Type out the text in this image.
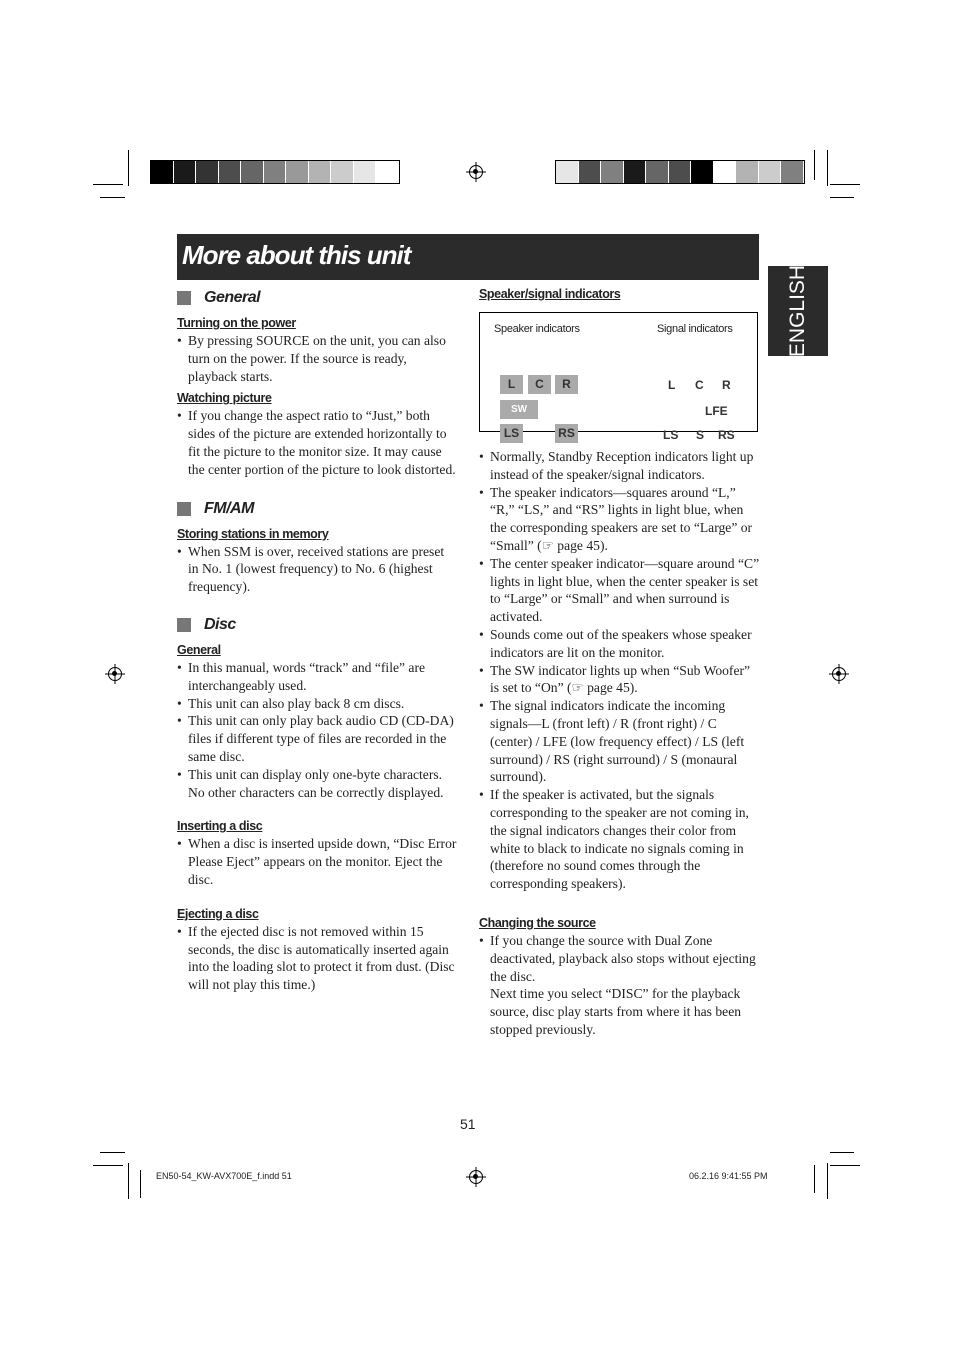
More about this unit
ENGLISH
General

Turning on the power

• By pressing SOURCE on the unit, you can also turn on the power. If the source is ready, playback starts.

Watching picture

• If you change the aspect ratio to “Just,” both sides of the picture are extended horizontally to fit the picture to the monitor size. It may cause the center portion of the picture to look distorted.
FM/AM

Storing stations in memory

• When SSM is over, received stations are preset in No. 1 (lowest frequency) to No. 6 (highest frequency).
Disc

General

• In this manual, words “track” and “file” are interchangeably used.
• This unit can also play back 8 cm discs.
• This unit can only play back audio CD (CD-DA) files if different type of files are recorded in the same disc.
• This unit can display only one-byte characters. No other characters can be correctly displayed.

Inserting a disc

• When a disc is inserted upside down, “Disc Error Please Eject” appears on the monitor. Eject the disc.

Ejecting a disc

• If the ejected disc is not removed within 15 seconds, the disc is automatically inserted again into the loading slot to protect it from dust. (Disc will not play this time.)

Speaker/signal indicators

Speaker indicators	Signal indicators
L	C	R
SW
LS	RS
L C R
LFE
LS S RS
• Normally, Standby Reception indicators light up instead of the speaker/signal indicators.
• The speaker indicators—squares around “L,” “R,” “LS,” and “RS” lights in light blue, when the corresponding speakers are set to “Large” or “Small” (☞ page 45).
• The center speaker indicator—square around “C” lights in light blue, when the center speaker is set to “Large” or “Small” and when surround is activated.
• Sounds come out of the speakers whose speaker indicators are lit on the monitor.
• The SW indicator lights up when “Sub Woofer” is set to “On” (☞ page 45).
• The signal indicators indicate the incoming signals—L (front left) / R (front right) / C (center) / LFE (low frequency effect) / LS (left surround) / RS (right surround) / S (monaural surround).
• If the speaker is activated, but the signals corresponding to the speaker are not coming in, the signal indicators changes their color from white to black to indicate no signals coming in (therefore no sound comes through the corresponding speakers).

Changing the source

• If you change the source with Dual Zone deactivated, playback also stops without ejecting the disc.
Next time you select “DISC” for the playback source, disc play starts from where it has been stopped previously.
51
EN50-54_KW-AVX700E_f.indd 51	06.2.16 9:41:55 PM
